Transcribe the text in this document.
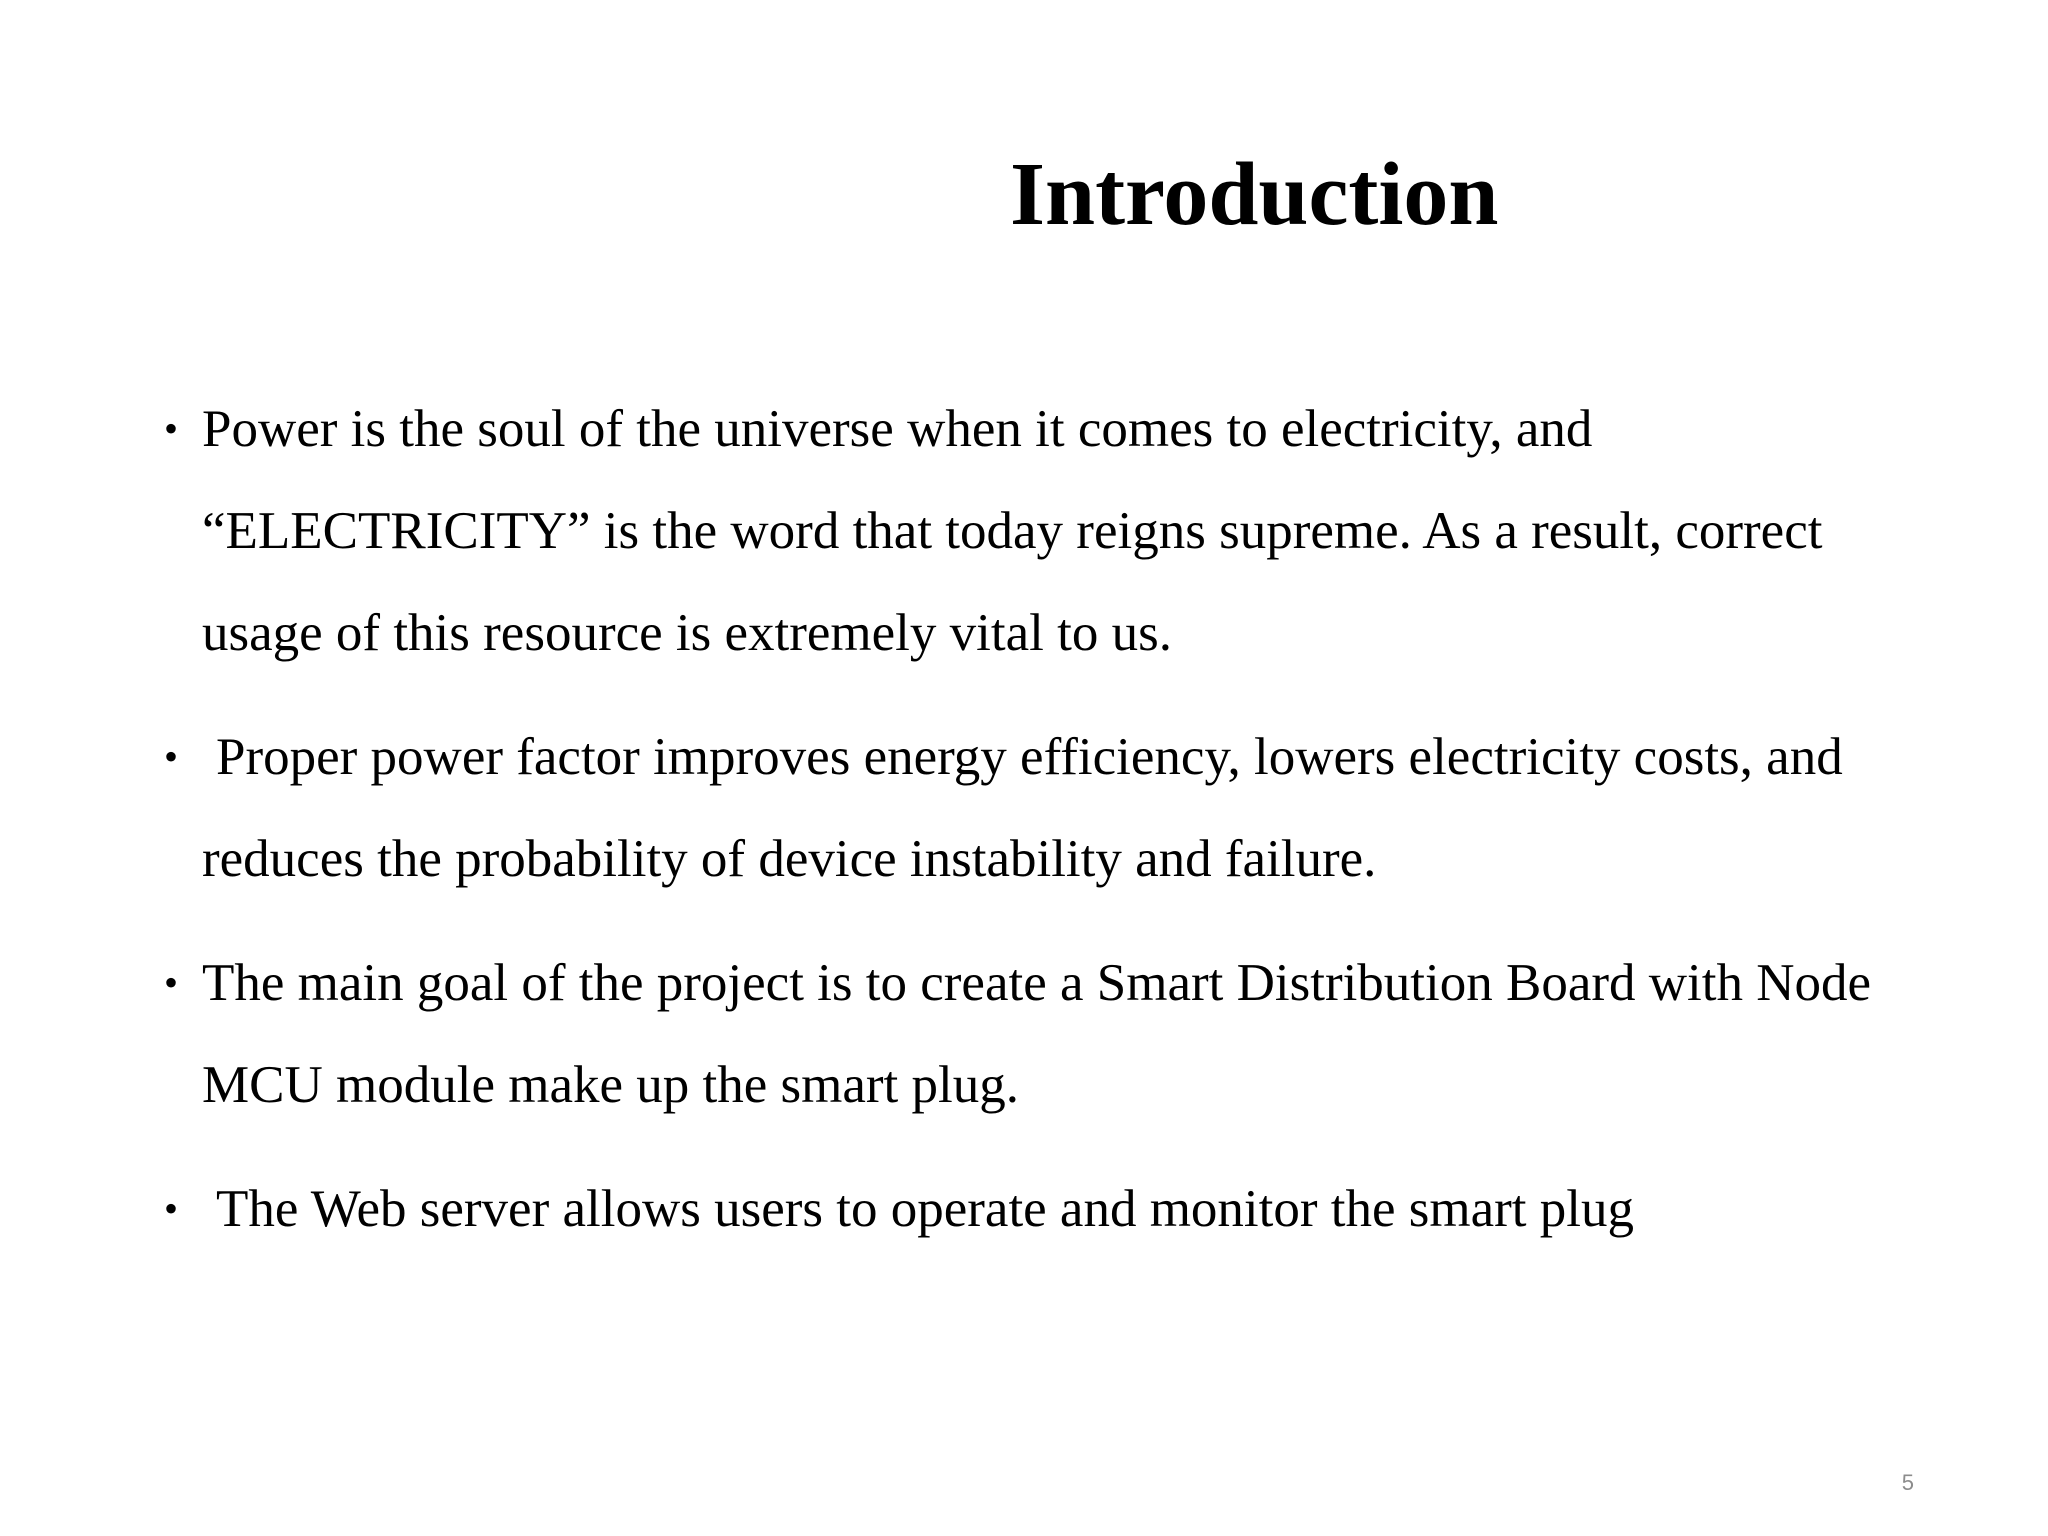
Introduction
• Power is the soul of the universe when it comes to electricity, and “ELECTRICITY” is the word that today reigns supreme. As a result, correct usage of this resource is extremely vital to us.
• Proper power factor improves energy efficiency, lowers electricity costs, and reduces the probability of device instability and failure.
• The main goal of the project is to create a Smart Distribution Board with Node MCU module make up the smart plug.
• The Web server allows users to operate and monitor the smart plug
5
